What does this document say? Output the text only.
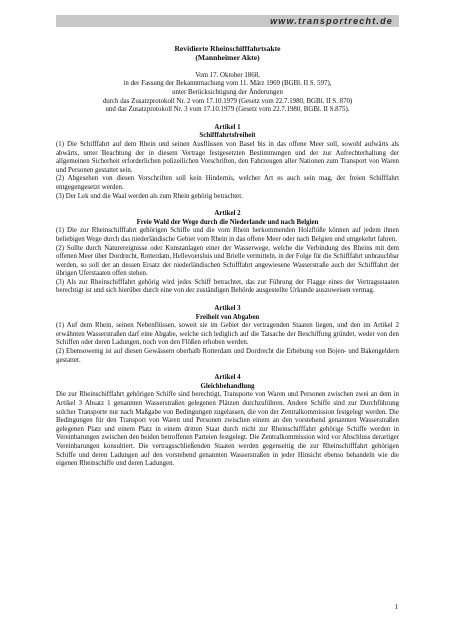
www.transportrecht.de
Revidierte Rheinschifffahrtsakte
(Mannheimer Akte)
Vom 17. Oktober 1868,
in der Fassung der Bekanntmachung vom 11. März 1969 (BGBl. II S. 597),
unter Berücksichtigung der Änderungen
durch das Zusatzprotokoll Nr. 2 vom 17.10.1979 (Gesetz vom 22.7.1980, BGBl. II S. 870)
und das Zusatzprotokoll Nr. 3 vom 17.10.1979 (Gesetz vom 22.7.1980, BGBl. II S.875).
Artikel 1
Schifffahrtsfreiheit

(1) Die Schifffahrt auf dem Rhein und seinen Ausflüssen von Basel bis in das offene Meer soll, sowohl aufwärts als abwärts, unter Beachtung der in diesem Vertrage festgesetzten Bestimmungen und der zur Aufrechterhaltung der allgemeinen Sicherheit erforderlichen polizeilichen Vorschriften, den Fahrzeugen aller Nationen zum Transport von Waren und Personen gestattet sein.

(2) Abgesehen von diesen Vorschriften soll kein Hindernis, welcher Art es auch sein mag, der freien Schifffahrt entgegengesetzt werden.

(3) Der Lek und die Waal werden als zum Rhein gehörig betrachtet.

Artikel 2
Freie Wahl der Wege durch die Niederlande und nach Belgien

(1) Die zur Rheinschifffahrt gehörigen Schiffe und die vom Rhein herkommenden Holzflöße können auf jedem ihnen beliebigen Wege durch das niederländische Gebiet vom Rhein in das offene Meer oder nach Belgien und umgekehrt fahren.

(2) Sollte durch Naturereignisse oder Kunstanlagen einer der Wasserwege, welche die Verbindung des Rheins mit dem offenen Meer über Dordrecht, Rotterdam, Hellevoetsluis und Brielle vermitteln, in der Folge für die Schifffahrt unbrauchbar werden, so soll der an dessen Ersatz der niederländischen Schifffahrt angewiesene Wasserstraße auch der Schifffahrt der übrigen Uferstaaten offen stehen.

(3) Als zur Rheinschifffahrt gehörig wird jedes Schiff betrachtet, das zur Führung der Flagge eines der Vertragsstaaten berechtigt ist und sich hierüber durch eine von der zuständigen Behörde ausgestellte Urkunde auszuweisen vermag.

Artikel 3
Freiheit von Abgaben

(1) Auf dem Rhein, seinen Nebenflüssen, soweit sie im Gebiet der vertragenden Staaten liegen, und den im Artikel 2 erwähnten Wasserstraßen darf eine Abgabe, welche sich lediglich auf die Tatsache der Beschiffung gründet, weder von den Schiffen oder deren Ladungen, noch von den Flößen erhoben werden.

(2) Ebensowenig ist auf diesen Gewässern oberhalb Rotterdam und Dordrecht die Erhebung von Bojen- und Bakengeldern gestattet.

Artikel 4
Gleichbehandlung

Die zur Rheinschifffahrt gehörigen Schiffe sind berechtigt, Transporte von Waren und Personen zwischen zwei an dem in Artikel 3 Absatz 1 genannten Wasserstraßen gelegenen Plätzen durchzuführen. Andere Schiffe sind zur Durchführung solcher Transporte nur nach Maßgabe von Bedingungen zugelassen, die von der Zentralkommission festgelegt werden. Die Bedingungen für den Transport von Waren und Personen zwischen einem an den vorstehend genannten Wasserstraßen gelegenen Platz und einem Platz in einem dritten Staat durch nicht zur Rheinschifffahrt gehörige Schiffe werden in Vereinbarungen zwischen den beiden betroffenen Parteien festgelegt. Die Zentralkommission wird vor Abschluss derartiger Vereinbarungen konsultiert. Die vertragsschließenden Staaten werden gegenseitig die zur Rheinschifffahrt gehörigen Schiffe und deren Ladungen auf den vorstehend genannten Wasserstraßen in jeder Hinsicht ebenso behandeln wie die eigenen Rheinschiffe und deren Ladungen.

1
